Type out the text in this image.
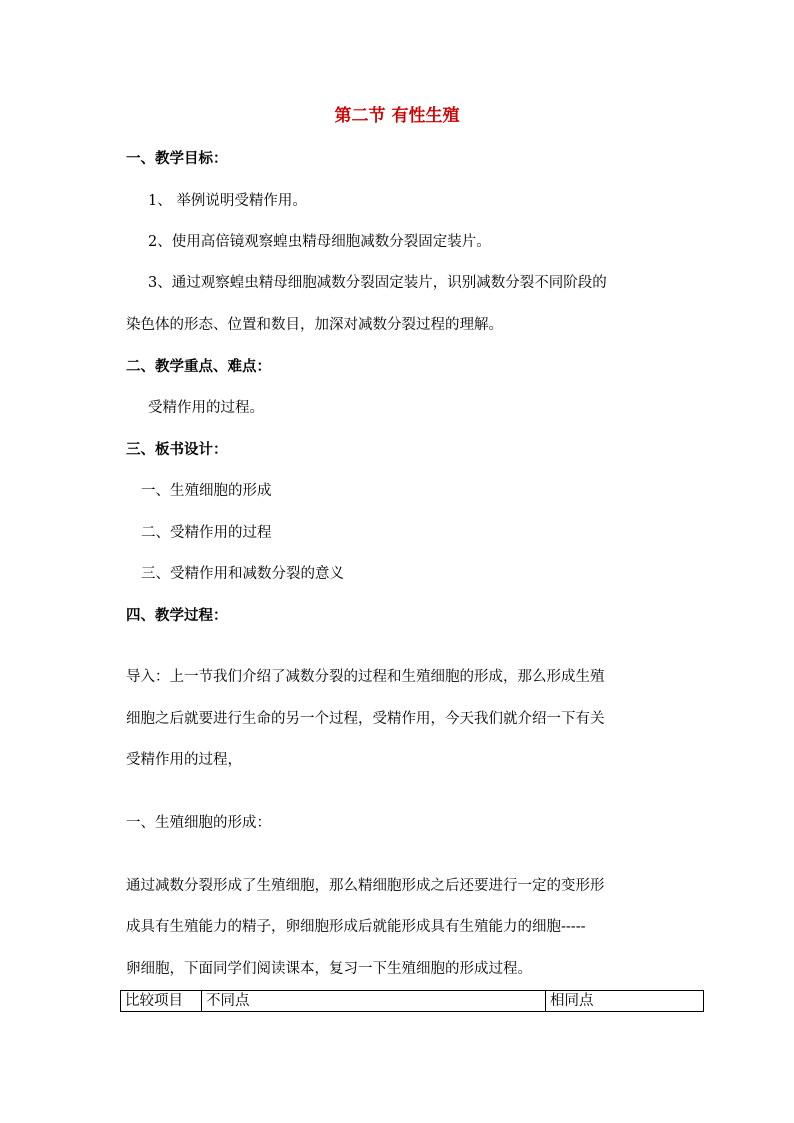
第二节 有性生殖
一、教学目标：
1、 举例说明受精作用。
2、使用高倍镜观察蝗虫精母细胞减数分裂固定装片。
3、通过观察蝗虫精母细胞减数分裂固定装片，识别减数分裂不同阶段的
染色体的形态、位置和数目，加深对减数分裂过程的理解。
二、教学重点、难点：
受精作用的过程。
三、板书设计：
一、生殖细胞的形成
二、受精作用的过程
三、受精作用和减数分裂的意义
四、教学过程：
导入：上一节我们介绍了减数分裂的过程和生殖细胞的形成，那么形成生殖
细胞之后就要进行生命的另一个过程，受精作用，今天我们就介绍一下有关
受精作用的过程，
一、生殖细胞的形成：
通过减数分裂形成了生殖细胞，那么精细胞形成之后还要进行一定的变形形
成具有生殖能力的精子，卵细胞形成后就能形成具有生殖能力的细胞-----
卵细胞，下面同学们阅读课本，复习一下生殖细胞的形成过程。
比较项目	不同点	相同点
